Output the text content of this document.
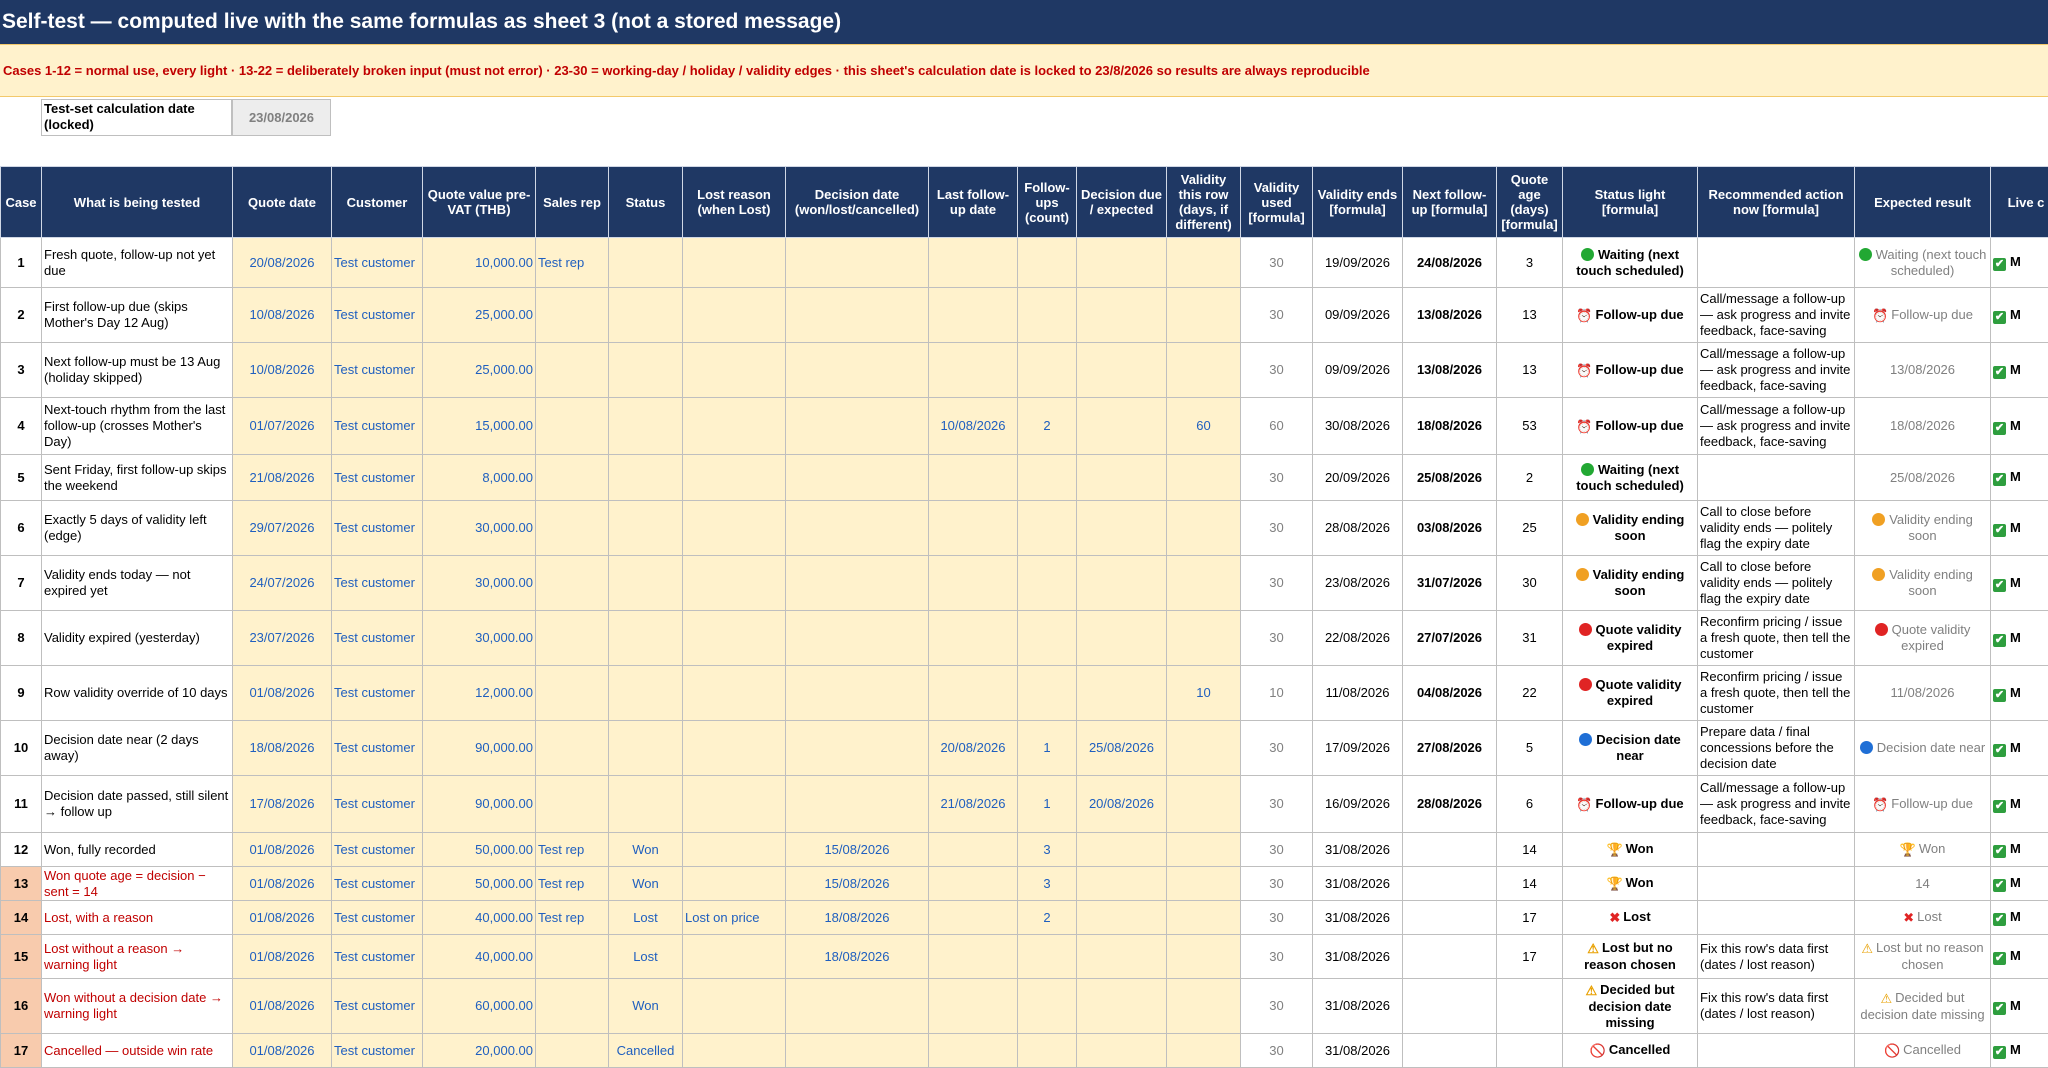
Self-test — computed live with the same formulas as sheet 3 (not a stored message)
Cases 1-12 = normal use, every light · 13-22 = deliberately broken input (must not error) · 23-30 = working-day / holiday / validity edges · this sheet's calculation date is locked to 23/8/2026 so results are always reproducible
Test-set calculation date (locked)	23/08/2026
Case	What is being tested	Quote date	Customer	Quote value pre-VAT (THB)	Sales rep	Status	Lost reason (when Lost)	Decision date (won/lost/cancelled)	Last follow-up date	Follow-ups (count)	Decision due / expected	Validity this row (days, if different)	Validity used [formula]	Validity ends [formula]	Next follow-up [formula]	Quote age (days) [formula]	Status light [formula]	Recommended action now [formula]	Expected result	Live c
1	Fresh quote, follow-up not yet due	20/08/2026	Test customer	10,000.00	Test rep								30	19/09/2026	24/08/2026	3	Waiting (next touch scheduled)		Waiting (next touch scheduled)	✔ M
2	First follow-up due (skips Mother's Day 12 Aug)	10/08/2026	Test customer	25,000.00									30	09/09/2026	13/08/2026	13	⏰ Follow-up due	Call/message a follow-up — ask progress and invite feedback, face-saving	⏰ Follow-up due	✔ M
3	Next follow-up must be 13 Aug (holiday skipped)	10/08/2026	Test customer	25,000.00									30	09/09/2026	13/08/2026	13	⏰ Follow-up due	Call/message a follow-up — ask progress and invite feedback, face-saving	13/08/2026	✔ M
4	Next-touch rhythm from the last follow-up (crosses Mother's Day)	01/07/2026	Test customer	15,000.00					10/08/2026	2		60	60	30/08/2026	18/08/2026	53	⏰ Follow-up due	Call/message a follow-up — ask progress and invite feedback, face-saving	18/08/2026	✔ M
5	Sent Friday, first follow-up skips the weekend	21/08/2026	Test customer	8,000.00									30	20/09/2026	25/08/2026	2	Waiting (next touch scheduled)		25/08/2026	✔ M
6	Exactly 5 days of validity left (edge)	29/07/2026	Test customer	30,000.00									30	28/08/2026	03/08/2026	25	Validity ending soon	Call to close before validity ends — politely flag the expiry date	Validity ending soon	✔ M
7	Validity ends today — not expired yet	24/07/2026	Test customer	30,000.00									30	23/08/2026	31/07/2026	30	Validity ending soon	Call to close before validity ends — politely flag the expiry date	Validity ending soon	✔ M
8	Validity expired (yesterday)	23/07/2026	Test customer	30,000.00									30	22/08/2026	27/07/2026	31	Quote validity expired	Reconfirm pricing / issue a fresh quote, then tell the customer	Quote validity expired	✔ M
9	Row validity override of 10 days	01/08/2026	Test customer	12,000.00								10	10	11/08/2026	04/08/2026	22	Quote validity expired	Reconfirm pricing / issue a fresh quote, then tell the customer	11/08/2026	✔ M
10	Decision date near (2 days away)	18/08/2026	Test customer	90,000.00					20/08/2026	1	25/08/2026		30	17/09/2026	27/08/2026	5	Decision date near	Prepare data / final concessions before the decision date	Decision date near	✔ M
11	Decision date passed, still silent → follow up	17/08/2026	Test customer	90,000.00					21/08/2026	1	20/08/2026		30	16/09/2026	28/08/2026	6	⏰ Follow-up due	Call/message a follow-up — ask progress and invite feedback, face-saving	⏰ Follow-up due	✔ M
12	Won, fully recorded	01/08/2026	Test customer	50,000.00	Test rep	Won		15/08/2026		3			30	31/08/2026		14	🏆 Won		🏆 Won	✔ M
13	Won quote age = decision − sent = 14	01/08/2026	Test customer	50,000.00	Test rep	Won		15/08/2026		3			30	31/08/2026		14	🏆 Won		14	✔ M
14	Lost, with a reason	01/08/2026	Test customer	40,000.00	Test rep	Lost	Lost on price	18/08/2026		2			30	31/08/2026		17	✖ Lost		✖ Lost	✔ M
15	Lost without a reason → warning light	01/08/2026	Test customer	40,000.00		Lost		18/08/2026					30	31/08/2026		17	⚠ Lost but no reason chosen	Fix this row's data first (dates / lost reason)	⚠ Lost but no reason chosen	✔ M
16	Won without a decision date → warning light	01/08/2026	Test customer	60,000.00		Won							30	31/08/2026			⚠ Decided but decision date missing	Fix this row's data first (dates / lost reason)	⚠ Decided but decision date missing	✔ M
17	Cancelled — outside win rate	01/08/2026	Test customer	20,000.00		Cancelled							30	31/08/2026			🚫 Cancelled		🚫 Cancelled	✔ M
